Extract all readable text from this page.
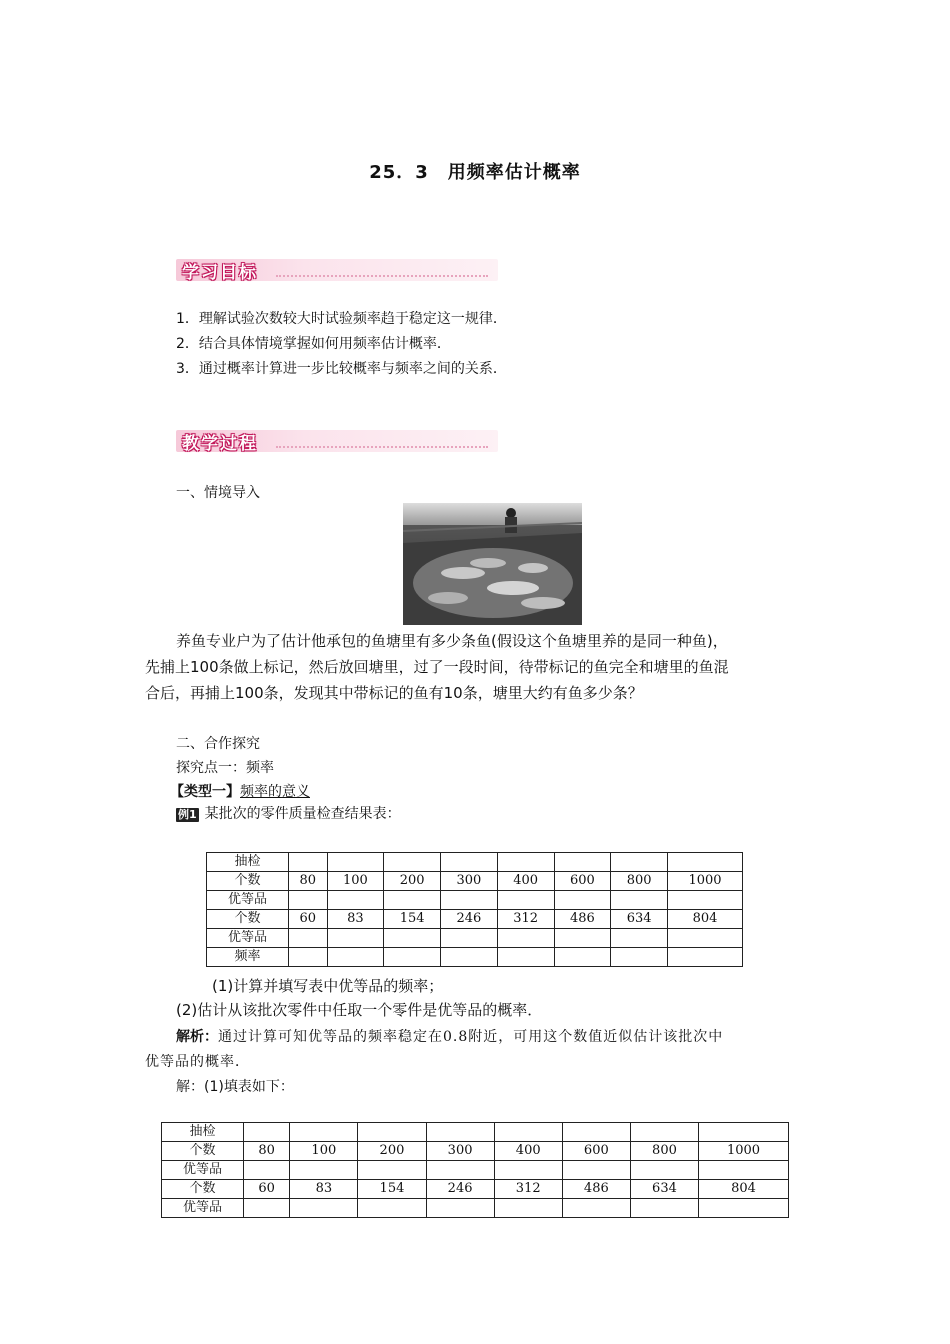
25．3　用频率估计概率
学习目标
1．理解试验次数较大时试验频率趋于稳定这一规律．
2．结合具体情境掌握如何用频率估计概率．
3．通过概率计算进一步比较概率与频率之间的关系．
教学过程
一、情境导入
养鱼专业户为了估计他承包的鱼塘里有多少条鱼(假设这个鱼塘里养的是同一种鱼)，
先捕上100条做上标记，然后放回塘里，过了一段时间，待带标记的鱼完全和塘里的鱼混
合后，再捕上100条，发现其中带标记的鱼有10条，塘里大约有鱼多少条？
二、合作探究
探究点一：频率
【类型一】频率的意义
例1 某批次的零件质量检查结果表：
抽检								
个数	80	100	200	300	400	600	800	1000
优等品								
个数	60	83	154	246	312	486	634	804
优等品								
频率								
(1)计算并填写表中优等品的频率；
(2)估计从该批次零件中任取一个零件是优等品的概率．
解析：通过计算可知优等品的频率稳定在0.8附近，可用这个数值近似估计该批次中
优等品的概率．
解：(1)填表如下：
抽检								
个数	80	100	200	300	400	600	800	1000
优等品								
个数	60	83	154	246	312	486	634	804
优等品								
